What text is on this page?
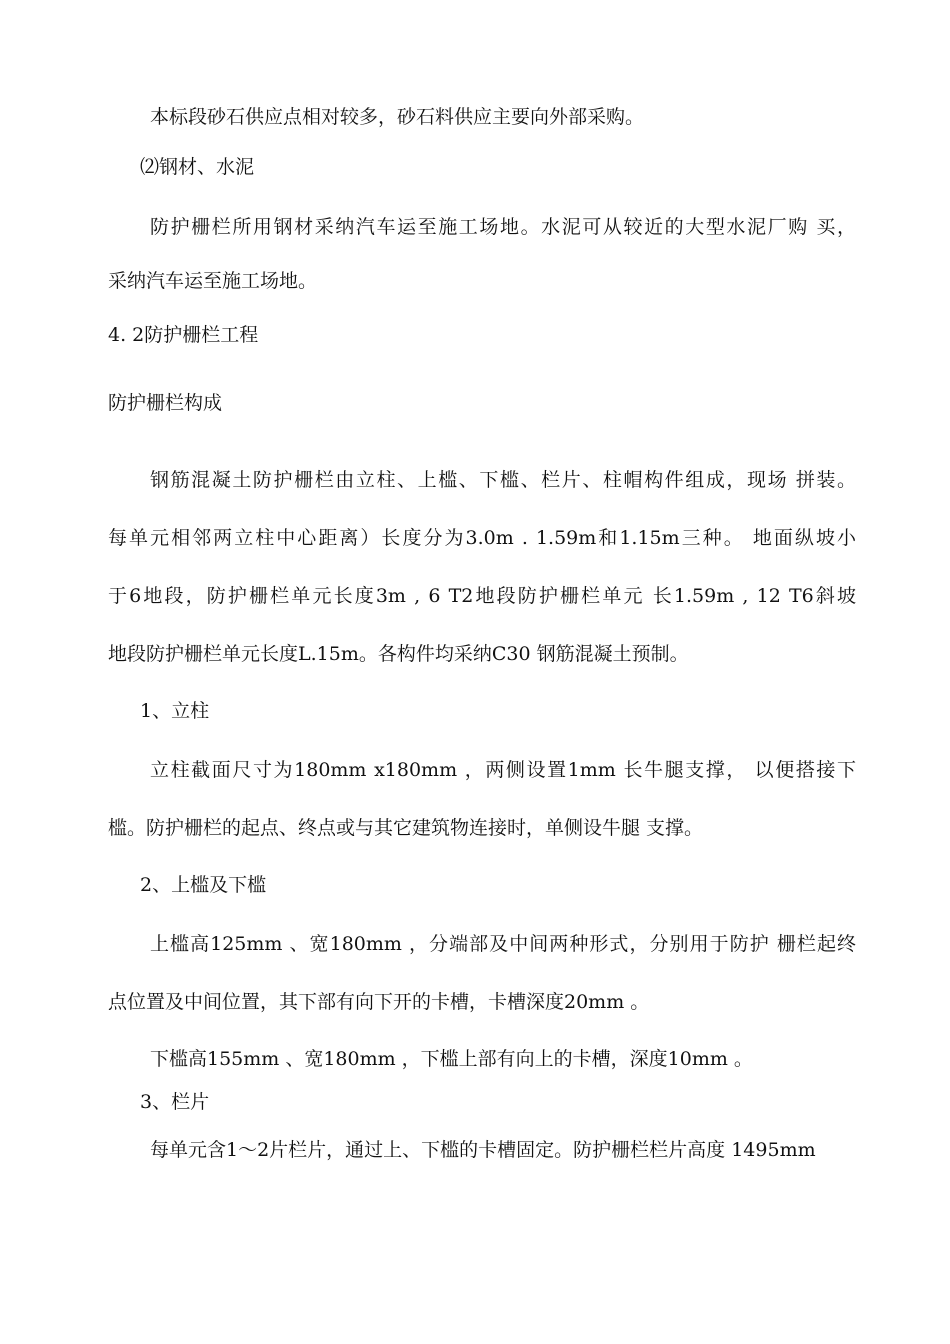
本标段砂石供应点相对较多，砂石料供应主要向外部采购。
⑵钢材、水泥
防护栅栏所用钢材采纳汽车运至施工场地。水泥可从较近的大型水泥厂购 买，
采纳汽车运至施工场地。
4. 2防护栅栏工程
防护栅栏构成
钢筋混凝土防护栅栏由立柱、上槛、下槛、栏片、柱帽构件组成，现场 拼装。
每单元相邻两立柱中心距离）长度分为3.0m . 1.59m和1.15m三种。 地面纵坡小
于6地段，防护栅栏单元长度3m , 6 T2地段防护栅栏单元 长1.59m , 12 T6斜坡
地段防护栅栏单元长度L.15m。各构件均采纳C30 钢筋混凝土预制。
1、立柱
立柱截面尺寸为180mm x180mm ，两侧设置1mm 长牛腿支撑， 以便搭接下
槛。防护栅栏的起点、终点或与其它建筑物连接时，单侧设牛腿 支撑。
2、上槛及下槛
上槛高125mm 、宽180mm ，分端部及中间两种形式，分别用于防护 栅栏起终
点位置及中间位置，其下部有向下开的卡槽，卡槽深度20mm 。
下槛高155mm 、宽180mm ，下槛上部有向上的卡槽，深度10mm 。
3、栏片
每单元含1〜2片栏片，通过上、下槛的卡槽固定。防护栅栏栏片高度 1495mm
